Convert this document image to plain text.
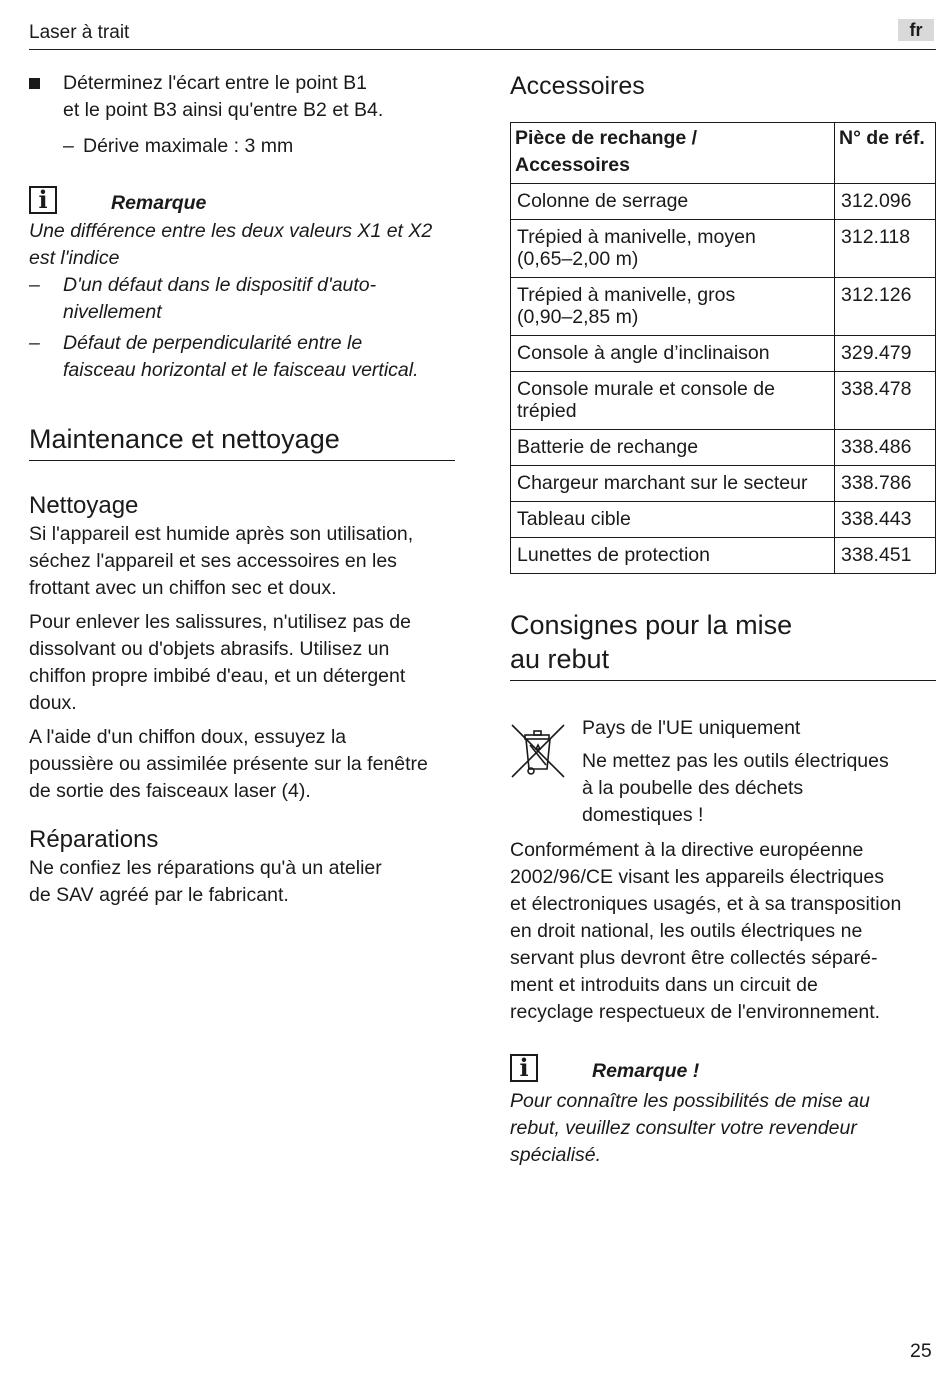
Laser à trait	fr
Déterminez l'écart entre le point B1
et le point B3 ainsi qu'entre B2 et B4.
– Dérive maximale : 3 mm
i	Remarque
Une différence entre les deux valeurs X1 et X2
est l'indice
– D'un défaut dans le dispositif d'auto-
nivellement
– Défaut de perpendicularité entre le
faisceau horizontal et le faisceau vertical.
Maintenance et nettoyage
Nettoyage

Si l'appareil est humide après son utilisation,
séchez l'appareil et ses accessoires en les
frottant avec un chiffon sec et doux.

Pour enlever les salissures, n'utilisez pas de
dissolvant ou d'objets abrasifs. Utilisez un
chiffon propre imbibé d'eau, et un détergent
doux.

A l'aide d'un chiffon doux, essuyez la
poussière ou assimilée présente sur la fenêtre
de sortie des faisceaux laser (4).

Réparations

Ne confiez les réparations qu'à un atelier
de SAV agréé par le fabricant.

Accessoires
Pièce de rechange /
Accessoires	N° de réf.

Colonne de serrage	312.096

Trépied à manivelle, moyen
(0,65–2,00 m)	312.118

Trépied à manivelle, gros
(0,90–2,85 m)	312.126

Console à angle d’inclinaison	329.479

Console murale et console de
trépied	338.478

Batterie de rechange	338.486

Chargeur marchant sur le secteur	338.786

Tableau cible	338.443

Lunettes de protection	338.451
Consignes pour la mise
au rebut
Pays de l'UE uniquement
Ne mettez pas les outils électriques
à la poubelle des déchets
domestiques !

Conformément à la directive européenne
2002/96/CE visant les appareils électriques
et électroniques usagés, et à sa transposition
en droit national, les outils électriques ne
servant plus devront être collectés séparé-
ment et introduits dans un circuit de
recyclage respectueux de l'environnement.

i	Remarque !
Pour connaître les possibilités de mise au
rebut, veuillez consulter votre revendeur
spécialisé.
25
